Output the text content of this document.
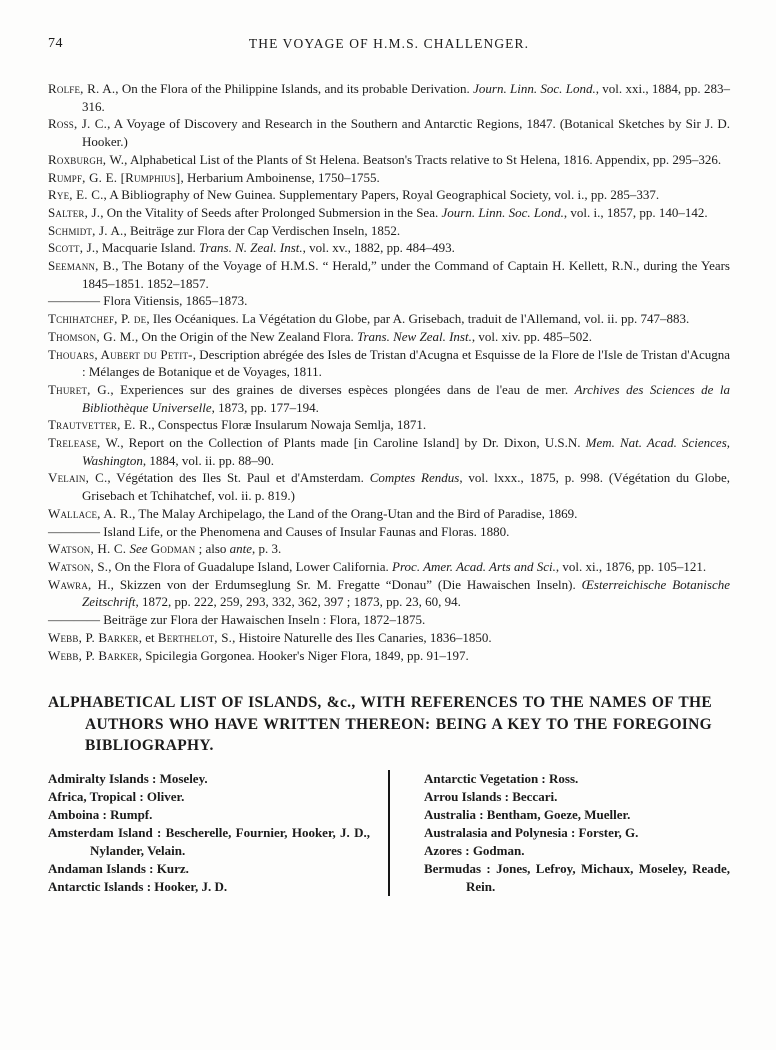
74	THE VOYAGE OF H.M.S. CHALLENGER.

Rolfe, R. A., On the Flora of the Philippine Islands, and its probable Derivation. Journ. Linn. Soc. Lond., vol. xxi., 1884, pp. 283–316.

Ross, J. C., A Voyage of Discovery and Research in the Southern and Antarctic Regions, 1847. (Botanical Sketches by Sir J. D. Hooker.)

Roxburgh, W., Alphabetical List of the Plants of St Helena. Beatson's Tracts relative to St Helena, 1816. Appendix, pp. 295–326.

Rumpf, G. E. [Rumphius], Herbarium Amboinense, 1750–1755.

Rye, E. C., A Bibliography of New Guinea. Supplementary Papers, Royal Geographical Society, vol. i., pp. 285–337.

Salter, J., On the Vitality of Seeds after Prolonged Submersion in the Sea. Journ. Linn. Soc. Lond., vol. i., 1857, pp. 140–142.

Schmidt, J. A., Beiträge zur Flora der Cap Verdischen Inseln, 1852.

Scott, J., Macquarie Island. Trans. N. Zeal. Inst., vol. xv., 1882, pp. 484–493.

Seemann, B., The Botany of the Voyage of H.M.S. “ Herald,” under the Command of Captain H. Kellett, R.N., during the Years 1845–1851. 1852–1857.

———— Flora Vitiensis, 1865–1873.

Tchihatchef, P. de, Iles Océaniques. La Végétation du Globe, par A. Grisebach, traduit de l'Allemand, vol. ii. pp. 747–883.

Thomson, G. M., On the Origin of the New Zealand Flora. Trans. New Zeal. Inst., vol. xiv. pp. 485–502.

Thouars, Aubert du Petit-, Description abrégée des Isles de Tristan d'Acugna et Esquisse de la Flore de l'Isle de Tristan d'Acugna : Mélanges de Botanique et de Voyages, 1811.

Thuret, G., Experiences sur des graines de diverses espèces plongées dans de l'eau de mer. Archives des Sciences de la Bibliothèque Universelle, 1873, pp. 177–194.

Trautvetter, E. R., Conspectus Floræ Insularum Nowaja Semlja, 1871.

Trelease, W., Report on the Collection of Plants made [in Caroline Island] by Dr. Dixon, U.S.N. Mem. Nat. Acad. Sciences, Washington, 1884, vol. ii. pp. 88–90.

Velain, C., Végétation des Iles St. Paul et d'Amsterdam. Comptes Rendus, vol. lxxx., 1875, p. 998. (Végétation du Globe, Grisebach et Tchihatchef, vol. ii. p. 819.)

Wallace, A. R., The Malay Archipelago, the Land of the Orang-Utan and the Bird of Paradise, 1869.

———— Island Life, or the Phenomena and Causes of Insular Faunas and Floras. 1880.

Watson, H. C. See Godman ; also ante, p. 3.

Watson, S., On the Flora of Guadalupe Island, Lower California. Proc. Amer. Acad. Arts and Sci., vol. xi., 1876, pp. 105–121.

Wawra, H., Skizzen von der Erdumseglung Sr. M. Fregatte “Donau” (Die Hawaischen Inseln). Œsterreichische Botanische Zeitschrift, 1872, pp. 222, 259, 293, 332, 362, 397 ; 1873, pp. 23, 60, 94.

———— Beiträge zur Flora der Hawaischen Inseln : Flora, 1872–1875.

Webb, P. Barker, et Berthelot, S., Histoire Naturelle des Iles Canaries, 1836–1850.

Webb, P. Barker, Spicilegia Gorgonea. Hooker's Niger Flora, 1849, pp. 91–197.

ALPHABETICAL LIST OF ISLANDS, &c., WITH REFERENCES TO THE NAMES OF THE AUTHORS WHO HAVE WRITTEN THEREON: BEING A KEY TO THE FOREGOING BIBLIOGRAPHY.

Admiralty Islands : Moseley.

Africa, Tropical : Oliver.

Amboina : Rumpf.

Amsterdam Island : Bescherelle, Fournier, Hooker, J. D., Nylander, Velain.

Andaman Islands : Kurz.

Antarctic Islands : Hooker, J. D.

Antarctic Vegetation : Ross.

Arrou Islands : Beccari.

Australia : Bentham, Goeze, Mueller.

Australasia and Polynesia : Forster, G.

Azores : Godman.

Bermudas : Jones, Lefroy, Michaux, Moseley, Reade, Rein.
